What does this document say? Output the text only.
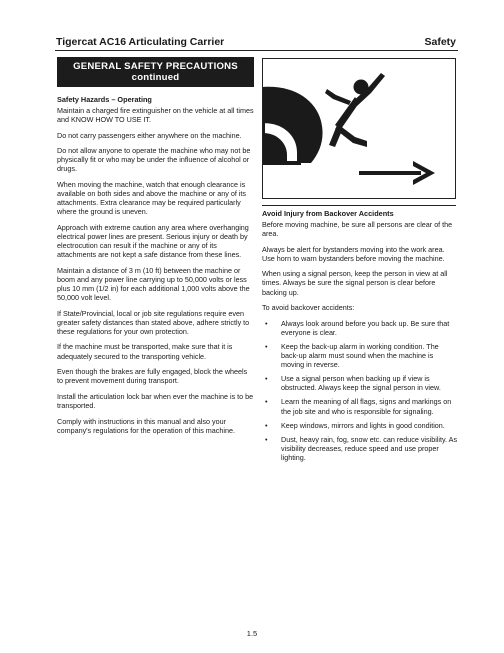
Tigercat AC16 Articulating Carrier	Safety
GENERAL SAFETY PRECAUTIONS
continued
Safety Hazards – Operating

Maintain a charged fire extinguisher on the vehicle at all times and KNOW HOW TO USE IT.

Do not carry passengers either anywhere on the machine.

Do not allow anyone to operate the machine who may not be physically fit or who may be under the influence of alcohol or drugs.

When moving the machine, watch that enough clearance is available on both sides and above the machine or any of its attachments. Extra clearance may be required particularly where the ground is uneven.

Approach with extreme caution any area where overhanging electrical power lines are present. Serious injury or death by electrocution can result if the machine or any of its attachments are not kept a safe distance from these lines.

Maintain a distance of 3 m (10 ft) between the machine or boom and any power line carrying up to 50,000 volts or less plus 10 mm (1/2 in) for each additional 1,000 volts above the 50,000 volt level.

If State/Provincial, local or job site regulations require even greater safety distances than stated above, adhere strictly to these regulations for your own protection.

If the machine must be transported, make sure that it is adequately secured to the transporting vehicle.

Even though the brakes are fully engaged, block the wheels to prevent movement during transport.

Install the articulation lock bar when ever the machine is to be transported.

Comply with instructions in this manual and also your company's regulations for the operation of this machine.

Avoid Injury from Backover Accidents

Before moving machine, be sure all persons are clear of the area.

Always be alert for bystanders moving into the work area. Use horn to warn bystanders before moving the machine.

When using a signal person, keep the person in view at all times. Always be sure the signal person is clear before backing up.

To avoid backover accidents:

• Always look around before you back up. Be sure that everyone is clear.
• Keep the back-up alarm in working condition. The back-up alarm must sound when the machine is moving in reverse.
• Use a signal person when backing up if view is obstructed. Always keep the signal person in view.
• Learn the meaning of all flags, signs and markings on the job site and who is responsible for signaling.
• Keep windows, mirrors and lights in good condition.
• Dust, heavy rain, fog, snow etc. can reduce visibility. As visibility decreases, reduce speed and use proper lighting.
1.5
